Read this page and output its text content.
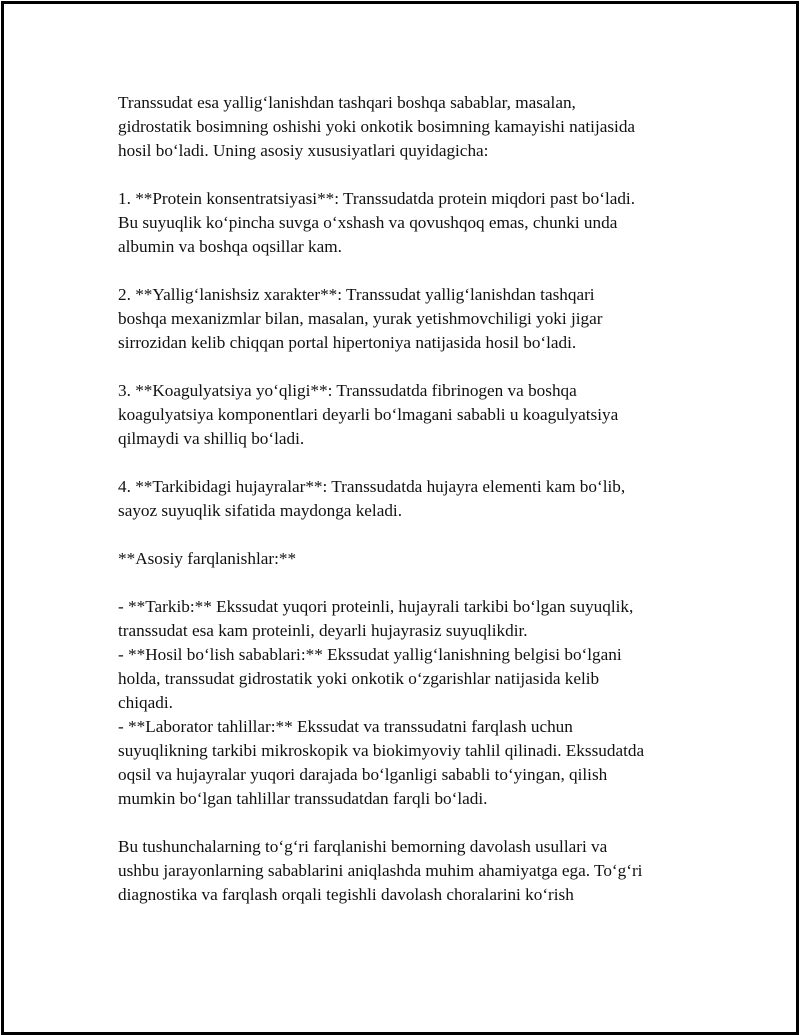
Transsudat esa yallig‘lanishdan tashqari boshqa sabablar, masalan,
gidrostatik bosimning oshishi yoki onkotik bosimning kamayishi natijasida
hosil bo‘ladi. Uning asosiy xususiyatlari quyidagicha:

1. **Protein konsentratsiyasi**: Transsudatda protein miqdori past bo‘ladi.
Bu suyuqlik ko‘pincha suvga o‘xshash va qovushqoq emas, chunki unda
albumin va boshqa oqsillar kam.

2. **Yallig‘lanishsiz xarakter**: Transsudat yallig‘lanishdan tashqari
boshqa mexanizmlar bilan, masalan, yurak yetishmovchiligi yoki jigar
sirrozidan kelib chiqqan portal hipertoniya natijasida hosil bo‘ladi.

3. **Koagulyatsiya yo‘qligi**: Transsudatda fibrinogen va boshqa
koagulyatsiya komponentlari deyarli bo‘lmagani sababli u koagulyatsiya
qilmaydi va shilliq bo‘ladi.

4. **Tarkibidagi hujayralar**: Transsudatda hujayra elementi kam bo‘lib,
sayoz suyuqlik sifatida maydonga keladi.

**Asosiy farqlanishlar:**

- **Tarkib:** Ekssudat yuqori proteinli, hujayrali tarkibi bo‘lgan suyuqlik,
transsudat esa kam proteinli, deyarli hujayrasiz suyuqlikdir.
- **Hosil bo‘lish sabablari:** Ekssudat yallig‘lanishning belgisi bo‘lgani
holda, transsudat gidrostatik yoki onkotik o‘zgarishlar natijasida kelib
chiqadi.
- **Laborator tahlillar:** Ekssudat va transsudatni farqlash uchun
suyuqlikning tarkibi mikroskopik va biokimyoviy tahlil qilinadi. Ekssudatda
oqsil va hujayralar yuqori darajada bo‘lganligi sababli to‘yingan, qilish
mumkin bo‘lgan tahlillar transsudatdan farqli bo‘ladi.

Bu tushunchalarning to‘g‘ri farqlanishi bemorning davolash usullari va
ushbu jarayonlarning sabablarini aniqlashda muhim ahamiyatga ega. To‘g‘ri
diagnostika va farqlash orqali tegishli davolash choralarini ko‘rish
